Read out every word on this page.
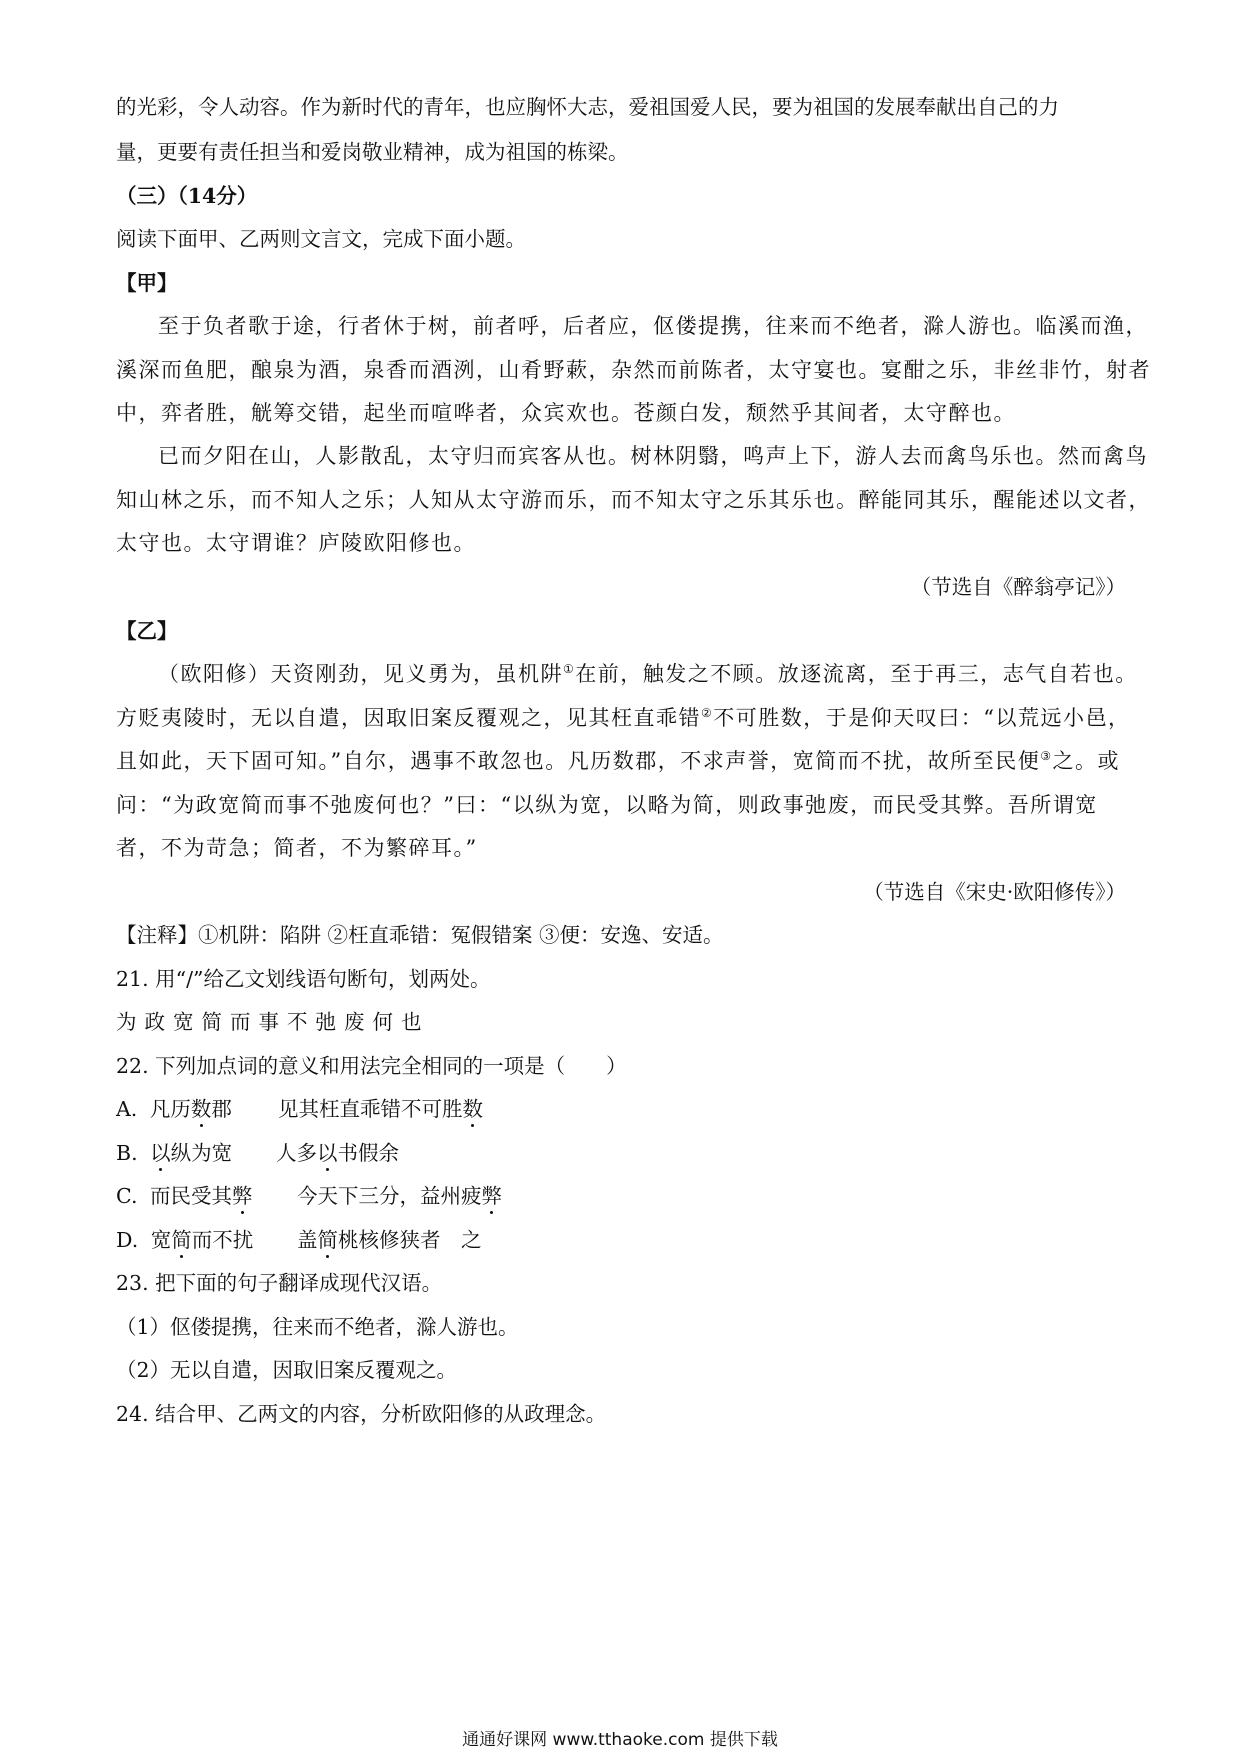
的光彩，令人动容。作为新时代的青年，也应胸怀大志，爱祖国爱人民，要为祖国的发展奉献出自己的力
量，更要有责任担当和爱岗敬业精神，成为祖国的栋梁。
（三）（14分）
阅读下面甲、乙两则文言文，完成下面小题。
【甲】
至于负者歌于途，行者休于树，前者呼，后者应，伛偻提携，往来而不绝者，滁人游也。临溪而渔，
溪深而鱼肥，酿泉为酒，泉香而酒洌，山肴野蔌，杂然而前陈者，太守宴也。宴酣之乐，非丝非竹，射者
中，弈者胜，觥筹交错，起坐而喧哗者，众宾欢也。苍颜白发，颓然乎其间者，太守醉也。
已而夕阳在山，人影散乱，太守归而宾客从也。树林阴翳，鸣声上下，游人去而禽鸟乐也。然而禽鸟
知山林之乐，而不知人之乐；人知从太守游而乐，而不知太守之乐其乐也。醉能同其乐，醒能述以文者，
太守也。太守谓谁？庐陵欧阳修也。
（节选自《醉翁亭记》）
【乙】
（欧阳修）天资刚劲，见义勇为，虽机阱①在前，触发之不顾。放逐流离，至于再三，志气自若也。
方贬夷陵时，无以自遣，因取旧案反覆观之，见其枉直乖错②不可胜数，于是仰天叹曰：“以荒远小邑，
且如此，天下固可知。”自尔，遇事不敢忽也。凡历数郡，不求声誉，宽简而不扰，故所至民便③之。或
问：“为政宽简而事不弛废何也？”曰：“以纵为宽，以略为简，则政事弛废，而民受其弊。吾所谓宽
者，不为苛急；简者，不为繁碎耳。”
（节选自《宋史·欧阳修传》）
【注释】①机阱：陷阱 ②枉直乖错：冤假错案 ③便：安逸、安适。
21. 用“/”给乙文划线语句断句，划两处。
为政宽简而事不弛废何也
22. 下列加点词的意义和用法完全相同的一项是（　　）
A. 凡历数郡 见其枉直乖错不可胜数
B. 以纵为宽 人多以书假余
C. 而民受其弊 今天下三分，益州疲弊
D. 宽简而不扰 盖简桃核修狭者　之
23. 把下面的句子翻译成现代汉语。
（1）伛偻提携，往来而不绝者，滁人游也。
（2）无以自遣，因取旧案反覆观之。
24. 结合甲、乙两文的内容，分析欧阳修的从政理念。
通通好课网 www.tthaoke.com 提供下载
